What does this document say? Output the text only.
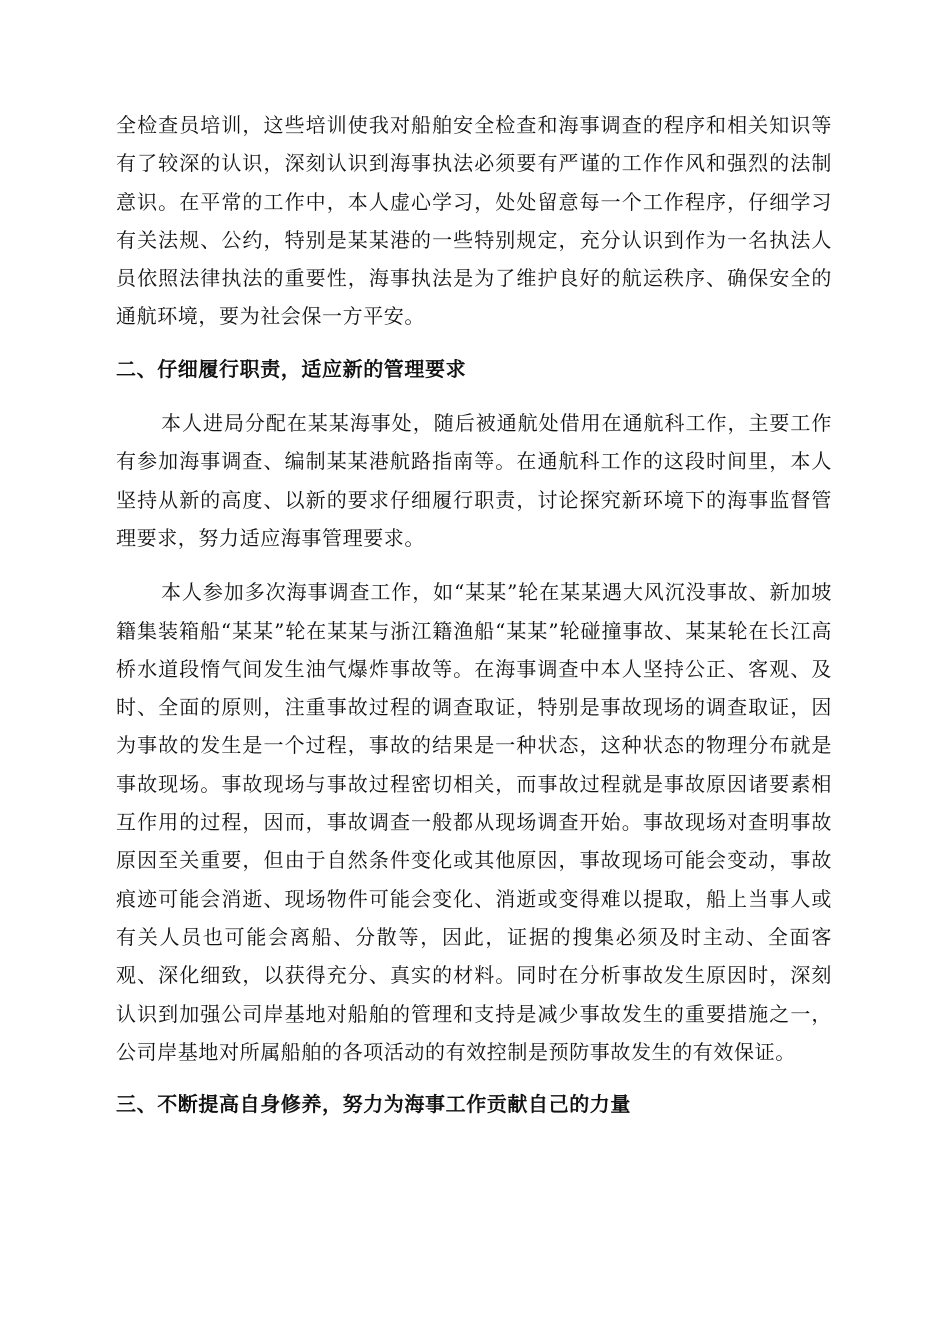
全检查员培训，这些培训使我对船舶安全检查和海事调查的程序和相关知识等有了较深的认识，深刻认识到海事执法必须要有严谨的工作作风和强烈的法制意识。在平常的工作中，本人虚心学习，处处留意每一个工作程序，仔细学习有关法规、公约，特别是某某港的一些特别规定，充分认识到作为一名执法人员依照法律执法的重要性，海事执法是为了维护良好的航运秩序、确保安全的通航环境，要为社会保一方平安。

二、仔细履行职责，适应新的管理要求

本人进局分配在某某海事处，随后被通航处借用在通航科工作，主要工作有参加海事调查、编制某某港航路指南等。在通航科工作的这段时间里，本人坚持从新的高度、以新的要求仔细履行职责，讨论探究新环境下的海事监督管理要求，努力适应海事管理要求。

本人参加多次海事调查工作，如“某某”轮在某某遇大风沉没事故、新加坡籍集装箱船“某某”轮在某某与浙江籍渔船“某某”轮碰撞事故、某某轮在长江高桥水道段惰气间发生油气爆炸事故等。在海事调查中本人坚持公正、客观、及时、全面的原则，注重事故过程的调查取证，特别是事故现场的调查取证，因为事故的发生是一个过程，事故的结果是一种状态，这种状态的物理分布就是事故现场。事故现场与事故过程密切相关，而事故过程就是事故原因诸要素相互作用的过程，因而，事故调查一般都从现场调查开始。事故现场对查明事故原因至关重要，但由于自然条件变化或其他原因，事故现场可能会变动，事故痕迹可能会消逝、现场物件可能会变化、消逝或变得难以提取，船上当事人或有关人员也可能会离船、分散等，因此，证据的搜集必须及时主动、全面客观、深化细致，以获得充分、真实的材料。同时在分析事故发生原因时，深刻认识到加强公司岸基地对船舶的管理和支持是减少事故发生的重要措施之一，公司岸基地对所属船舶的各项活动的有效控制是预防事故发生的有效保证。

三、不断提高自身修养，努力为海事工作贡献自己的力量
